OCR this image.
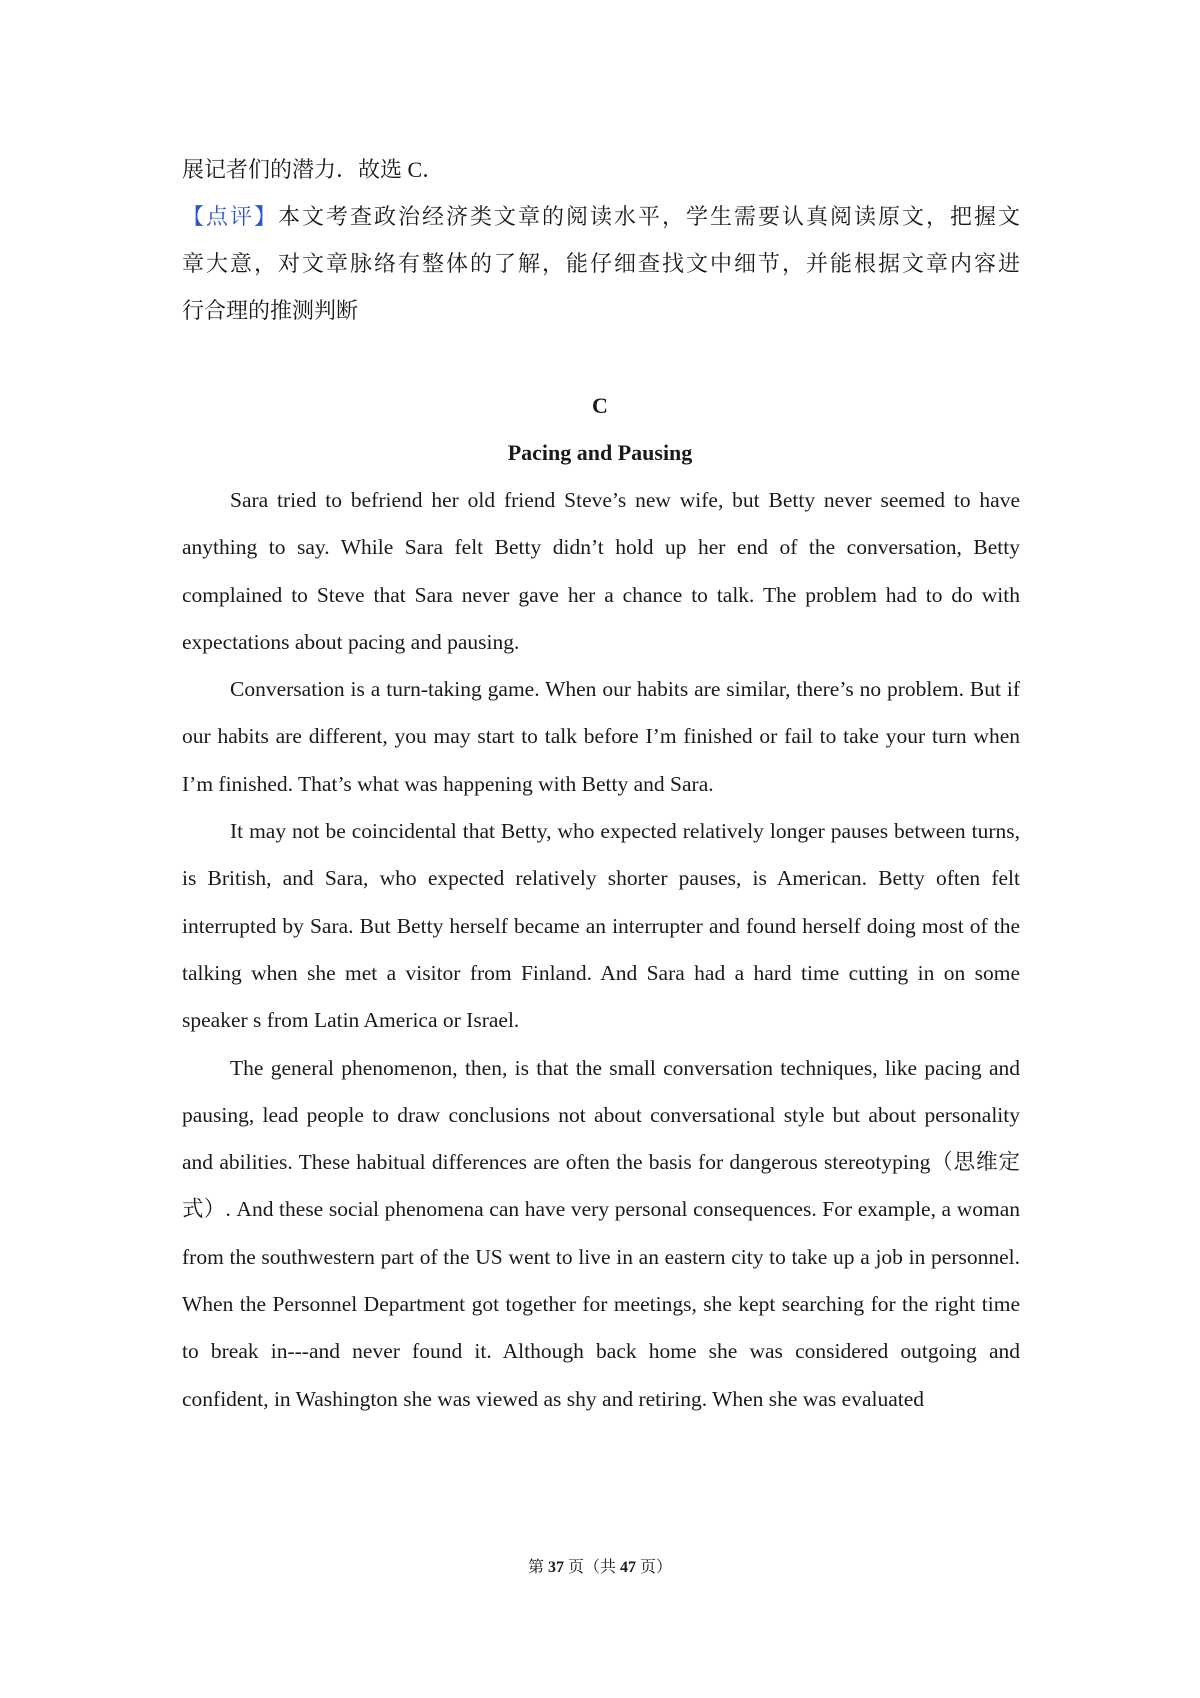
展记者们的潜力．故选 C．

【点评】本文考查政治经济类文章的阅读水平，学生需要认真阅读原文，把握文

章大意，对文章脉络有整体的了解，能仔细查找文中细节，并能根据文章内容进

行合理的推测判断

C
Pacing and Pausing

Sara tried to befriend her old friend Steve’s new wife, but Betty never seemed to have anything to say. While Sara felt Betty didn’t hold up her end of the conversation, Betty complained to Steve that Sara never gave her a chance to talk. The problem had to do with expectations about pacing and pausing.

Conversation is a turn-taking game. When our habits are similar, there’s no problem. But if our habits are different, you may start to talk before I’m finished or fail to take your turn when I’m finished. That’s what was happening with Betty and Sara.

It may not be coincidental that Betty, who expected relatively longer pauses between turns, is British, and Sara, who expected relatively shorter pauses, is American. Betty often felt interrupted by Sara. But Betty herself became an interrupter and found herself doing most of the talking when she met a visitor from Finland. And Sara had a hard time cutting in on some speaker s from Latin America or Israel.

The general phenomenon, then, is that the small conversation techniques, like pacing and pausing, lead people to draw conclusions not about conversational style but about personality and abilities. These habitual differences are often the basis for dangerous stereotyping（思维定式）. And these social phenomena can have very personal consequences. For example, a woman from the southwestern part of the US went to live in an eastern city to take up a job in personnel. When the Personnel Department got together for meetings, she kept searching for the right time to break in---and never found it. Although back home she was considered outgoing and confident, in Washington she was viewed as shy and retiring. When she was evaluated

第 37 页（共 47 页）
